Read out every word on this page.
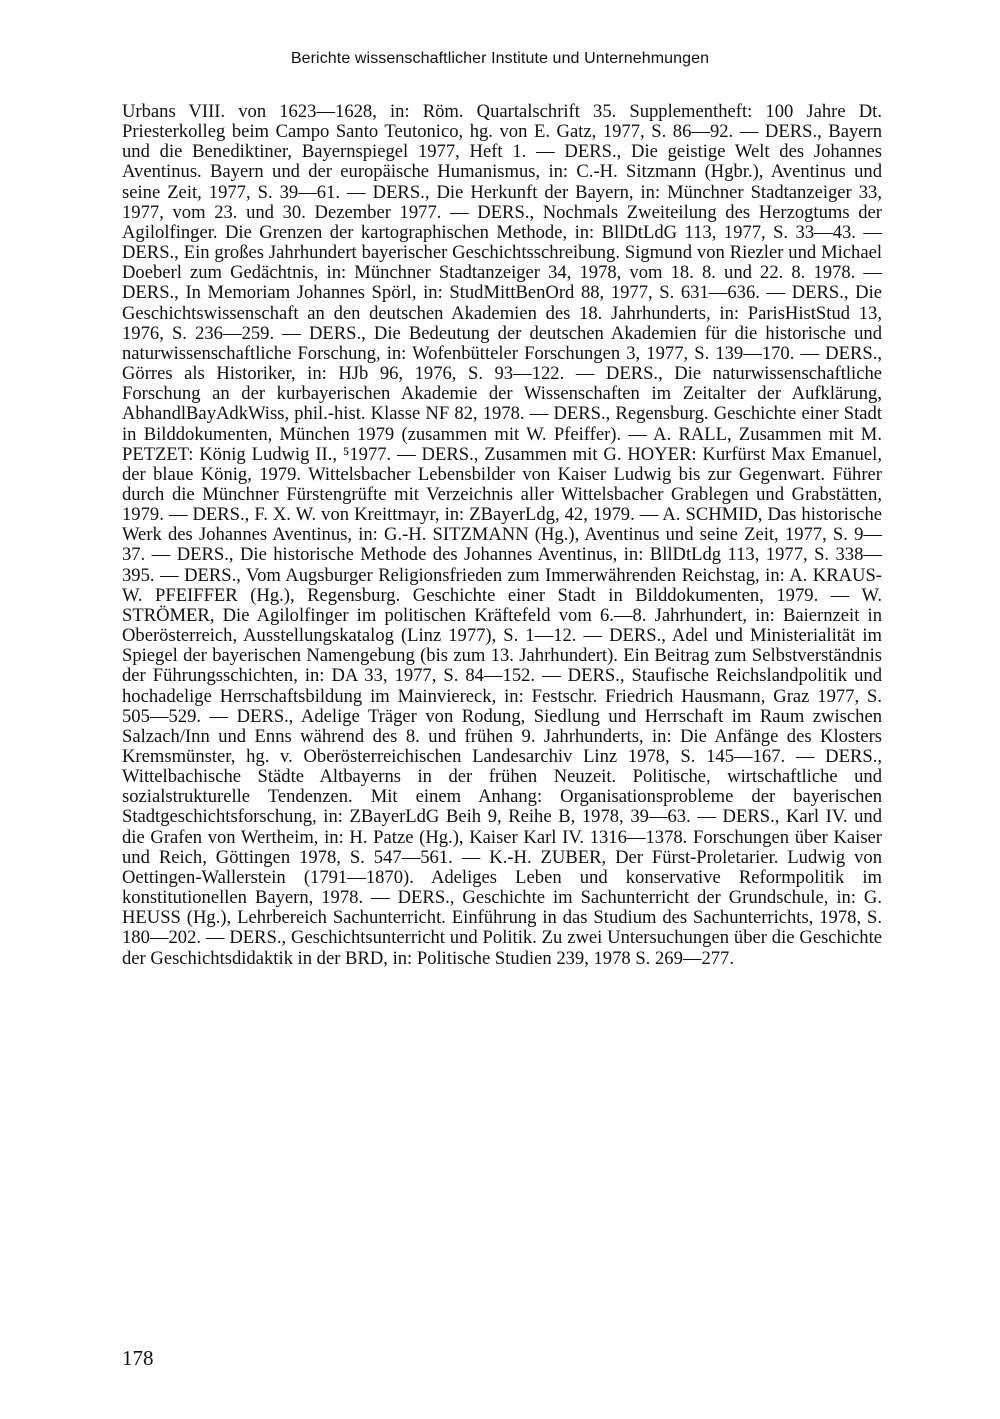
Berichte wissenschaftlicher Institute und Unternehmungen

Urbans VIII. von 1623—1628, in: Röm. Quartalschrift 35. Supplementheft: 100 Jahre Dt. Priesterkolleg beim Campo Santo Teutonico, hg. von E. Gatz, 1977, S. 86—92. — DERS., Bayern und die Benediktiner, Bayernspiegel 1977, Heft 1. — DERS., Die geistige Welt des Johannes Aventinus. Bayern und der europäische Humanismus, in: C.-H. Sitzmann (Hgbr.), Aventinus und seine Zeit, 1977, S. 39—61. — DERS., Die Herkunft der Bayern, in: Münchner Stadtanzeiger 33, 1977, vom 23. und 30. Dezember 1977. — DERS., Nochmals Zweiteilung des Herzogtums der Agilolfinger. Die Grenzen der kartographischen Methode, in: BllDtLdG 113, 1977, S. 33—43. — DERS., Ein großes Jahrhundert bayerischer Geschichtsschreibung. Sigmund von Riezler und Michael Doeberl zum Gedächtnis, in: Münchner Stadtanzeiger 34, 1978, vom 18. 8. und 22. 8. 1978. — DERS., In Memoriam Johannes Spörl, in: StudMittBenOrd 88, 1977, S. 631—636. — DERS., Die Geschichtswissenschaft an den deutschen Akademien des 18. Jahrhunderts, in: ParisHistStud 13, 1976, S. 236—259. — DERS., Die Bedeutung der deutschen Akademien für die historische und naturwissenschaftliche Forschung, in: Wofenbütteler Forschungen 3, 1977, S. 139—170. — DERS., Görres als Historiker, in: HJb 96, 1976, S. 93—122. — DERS., Die naturwissenschaftliche Forschung an der kurbayerischen Akademie der Wissenschaften im Zeitalter der Aufklärung, AbhandlBayAdkWiss, phil.-hist. Klasse NF 82, 1978. — DERS., Regensburg. Geschichte einer Stadt in Bilddokumenten, München 1979 (zusammen mit W. Pfeiffer). — A. RALL, Zusammen mit M. PETZET: König Ludwig II., ⁵1977. — DERS., Zusammen mit G. HOYER: Kurfürst Max Emanuel, der blaue König, 1979. Wittelsbacher Lebensbilder von Kaiser Ludwig bis zur Gegenwart. Führer durch die Münchner Fürstengrüfte mit Verzeichnis aller Wittelsbacher Grablegen und Grabstätten, 1979. — DERS., F. X. W. von Kreittmayr, in: ZBayerLdg, 42, 1979. — A. SCHMID, Das historische Werk des Johannes Aventinus, in: G.-H. SITZMANN (Hg.), Aventinus und seine Zeit, 1977, S. 9—37. — DERS., Die historische Methode des Johannes Aventinus, in: BllDtLdg 113, 1977, S. 338—395. — DERS., Vom Augsburger Religionsfrieden zum Immerwährenden Reichstag, in: A. KRAUS-W. PFEIFFER (Hg.), Regensburg. Geschichte einer Stadt in Bilddokumenten, 1979. — W. STRÖMER, Die Agilolfinger im politischen Kräftefeld vom 6.—8. Jahrhundert, in: Baiernzeit in Oberösterreich, Ausstellungskatalog (Linz 1977), S. 1—12. — DERS., Adel und Ministerialität im Spiegel der bayerischen Namengebung (bis zum 13. Jahrhundert). Ein Beitrag zum Selbstverständnis der Führungsschichten, in: DA 33, 1977, S. 84—152. — DERS., Staufische Reichslandpolitik und hochadelige Herrschaftsbildung im Mainviereck, in: Festschr. Friedrich Hausmann, Graz 1977, S. 505—529. — DERS., Adelige Träger von Rodung, Siedlung und Herrschaft im Raum zwischen Salzach/Inn und Enns während des 8. und frühen 9. Jahrhunderts, in: Die Anfänge des Klosters Kremsmünster, hg. v. Oberösterreichischen Landesarchiv Linz 1978, S. 145—167. — DERS., Wittelbachische Städte Altbayerns in der frühen Neuzeit. Politische, wirtschaftliche und sozialstrukturelle Tendenzen. Mit einem Anhang: Organisationsprobleme der bayerischen Stadtgeschichtsforschung, in: ZBayerLdG Beih 9, Reihe B, 1978, 39—63. — DERS., Karl IV. und die Grafen von Wertheim, in: H. Patze (Hg.), Kaiser Karl IV. 1316—1378. Forschungen über Kaiser und Reich, Göttingen 1978, S. 547—561. — K.-H. ZUBER, Der Fürst-Proletarier. Ludwig von Oettingen-Wallerstein (1791—1870). Adeliges Leben und konservative Reformpolitik im konstitutionellen Bayern, 1978. — DERS., Geschichte im Sachunterricht der Grundschule, in: G. HEUSS (Hg.), Lehrbereich Sachunterricht. Einführung in das Studium des Sachunterrichts, 1978, S. 180—202. — DERS., Geschichtsunterricht und Politik. Zu zwei Untersuchungen über die Geschichte der Geschichtsdidaktik in der BRD, in: Politische Studien 239, 1978 S. 269—277.

178
